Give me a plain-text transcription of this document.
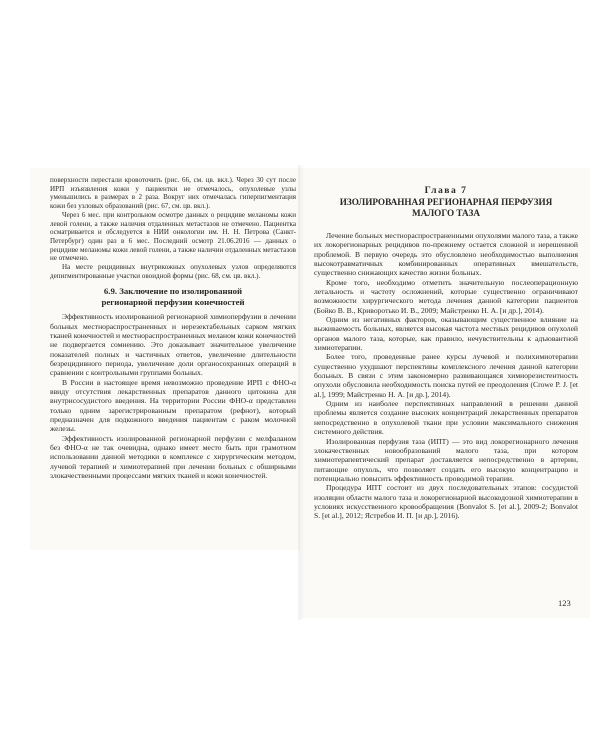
поверхности перестали кровоточить (рис. 66, см. цв. вкл.). Через 30 сут после ИРП изъязвления кожи у пациентки не отмечалось, опухолевые узлы уменьшились в размерах в 2 раза. Вокруг них отмечалась гиперпигментация кожи без узловых образований (рис. 67, см. цв. вкл.).

Через 6 мес. при контрольном осмотре данных о рецидиве меланомы кожи левой голени, а также наличия отдаленных метастазов не отмечено. Пациентка осматривается и обследуется в НИИ онкологии им. Н. Н. Петрова (Санкт-Петербург) один раз в 6 мес. Последний осмотр 21.06.2016 — данных о рецидиве меланомы кожи левой голени, а также наличии отдаленных метастазов не отмечено.

На месте рецидивных внутрикожных опухолевых узлов определяются депигментированные участки овоидной формы (рис. 68, см. цв. вкл.).

6.9. Заключение по изолированной
регионарной перфузии конечностей

Эффективность изолированной регионарной химиоперфузии в лечении больных местнораспространенных и нерезектабельных сарком мягких тканей конечностей и местнораспространенных меланом кожи конечностей не подвергается сомнению. Это доказывает значительное увеличение показателей полных и частичных ответов, увеличение длительности безрецидивного периода, увеличение доли органосохранных операций в сравнении с контрольными группами больных.

В России в настоящее время невозможно проведение ИРП с ФНО-α ввиду отсутствия лекарственных препаратов данного цитокина для внутрисосудистого введения. На территории России ФНО-α представлен только одним зарегистрированным препаратом (рефнот), который предназначен для подкожного введения пациентам с раком молочной железы.

Эффективность изолированной регионарной перфузии с мелфаланом без ФНО-α не так очевидна, однако имеет место быть при грамотном использовании данной методики в комплексе с хирургическим методом, лучевой терапией и химиотерапией при лечении больных с обширными злокачественными процессами мягких тканей и кожи конечностей.

Глава 7
ИЗОЛИРОВАННАЯ РЕГИОНАРНАЯ ПЕРФУЗИЯ
МАЛОГО ТАЗА

Лечение больных местнораспространенными опухолями малого таза, а также их локорегионарных рецидивов по-прежнему остается сложной и нерешенной проблемой. В первую очередь это обусловлено необходимостью выполнения высокотравматичных комбинированных оперативных вмешательств, существенно снижающих качество жизни больных.

Кроме того, необходимо отметить значительную послеоперационную летальность и частоту осложнений, которые существенно ограничивают возможности хирургического метода лечения данной категории пациентов (Бойко В. В., Криворотько И. В., 2009; Майстренко Н. А. [и др.], 2014).

Одним из негативных факторов, оказывающим существенное влияние на выживаемость больных, является высокая частота местных рецидивов опухолей органов малого таза, которые, как правило, нечувствительны к адъювантной химиотерапии.

Более того, проведенные ранее курсы лучевой и полихимиотерапии существенно ухудшают перспективы комплексного лечения данной категории больных. В связи с этим закономерно развивающаяся химиорезистентность опухоли обусловила необходимость поиска путей ее преодоления (Crowe P. J. [et al.], 1999; Майстренко Н. А. [и др.], 2014).

Одним из наиболее перспективных направлений в решении данной проблемы является создание высоких концентраций лекарственных препаратов непосредственно в опухолевой ткани при условии максимального снижения системного действия.

Изолированная перфузия таза (ИПТ) — это вид локорегионарного лечения злокачественных новообразований малого таза, при котором химиотерапевтический препарат доставляется непосредственно в артерии, питающие опухоль, что позволяет создать его высокую концентрацию и потенциально повысить эффективность проводимой терапии.

Процедура ИПТ состоит из двух последовательных этапов: сосудистой изоляции области малого таза и локорегионарной высокодозной химиотерапии в условиях искусственного кровообращения (Bonvalot S. [et al.], 2009-2; Bonvalot S. [et al.], 2012; Ястребов И. П. [и др.], 2016).

123
